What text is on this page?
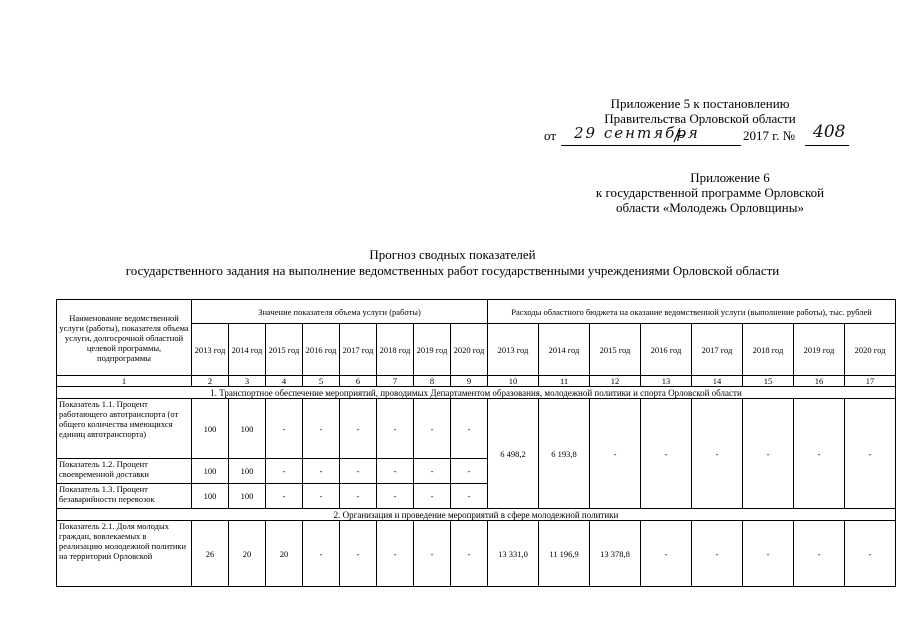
Приложение 5 к постановлению
Правительства Орловской области
от 29 сентября	2017 г. № 408
Приложение 6
к государственной программе Орловской
области «Молодежь Орловщины»
Прогноз сводных показателей
государственного задания на выполнение ведомственных работ государственными учреждениями Орловской области
Наименование ведомственной услуги (работы), показателя объема услуги, долгосрочной областной целевой программы, подпрограммы	Значение показателя объема услуги (работы)								Расходы областного бюджета на оказание ведомственной услуги (выполнение работы), тыс. рублей							
	2013 год	2014 год	2015 год	2016 год	2017 год	2018 год	2019 год	2020 год	2013 год	2014 год	2015 год	2016 год	2017 год	2018 год	2019 год	2020 год
1	2	3	4	5	6	7	8	9	10	11	12	13	14	15	16	17
1. Транспортное обеспечение мероприятий, проводимых Департаментом образования, молодежной политики и спорта Орловской области																
Показатель 1.1. Процент работающего автотранспорта (от общего количества имеющихся единиц автотранспорта)	100	100	-	-	-	-	-	-	6 498,2	6 193,8	-	-	-	-	-	-
Показатель 1.2. Процент своевременной доставки	100	100	-	-	-	-	-	-								
Показатель 1.3. Процент безаварийности перевозок	100	100	-	-	-	-	-	-								
2. Организация и проведение мероприятий в сфере молодежной политики																
Показатель 2.1. Доля молодых граждан, вовлекаемых в реализацию молодежной политики на территории Орловской	26	20	20	-	-	-	-	-	13 331,0	11 196,9	13 378,8	-	-	-	-	-
